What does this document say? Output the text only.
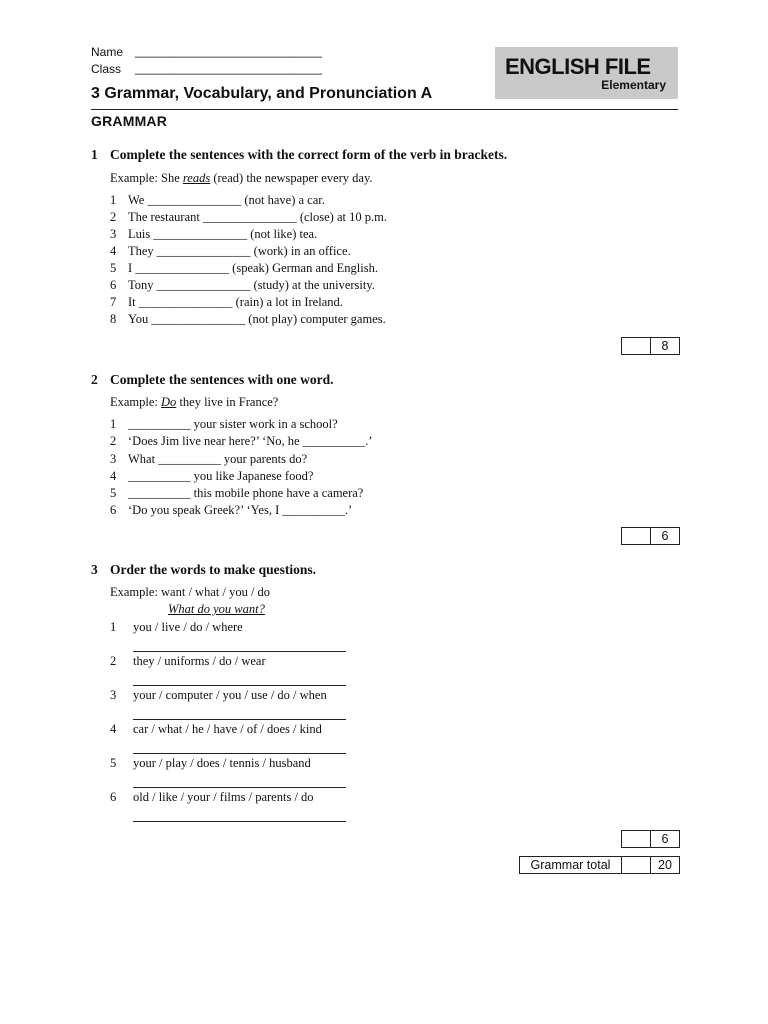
Name ____________________________
Class ____________________________	ENGLISH FILE
Elementary
3 Grammar, Vocabulary, and Pronunciation A
GRAMMAR
1 Complete the sentences with the correct form of the verb in brackets.
Example: She reads (read) the newspaper every day.
1 We _______________ (not have) a car.
2 The restaurant _______________ (close) at 10 p.m.
3 Luis _______________ (not like) tea.
4 They _______________ (work) in an office.
5 I _______________ (speak) German and English.
6 Tony _______________ (study) at the university.
7 It _______________ (rain) a lot in Ireland.
8 You _______________ (not play) computer games.
8
2 Complete the sentences with one word.
Example: Do they live in France?
1 __________ your sister work in a school?
2 ‘Does Jim live near here?’ ‘No, he __________.’
3 What __________ your parents do?
4 __________ you like Japanese food?
5 __________ this mobile phone have a camera?
6 ‘Do you speak Greek?’ ‘Yes, I __________.’
6
3 Order the words to make questions.
Example: want / what / you / do
What do you want?
1 you / live / do / where
2 they / uniforms / do / wear
3 your / computer / you / use / do / when
4 car / what / he / have / of / does / kind
5 your / play / does / tennis / husband
6 old / like / your / films / parents / do
6
Grammar total	20
